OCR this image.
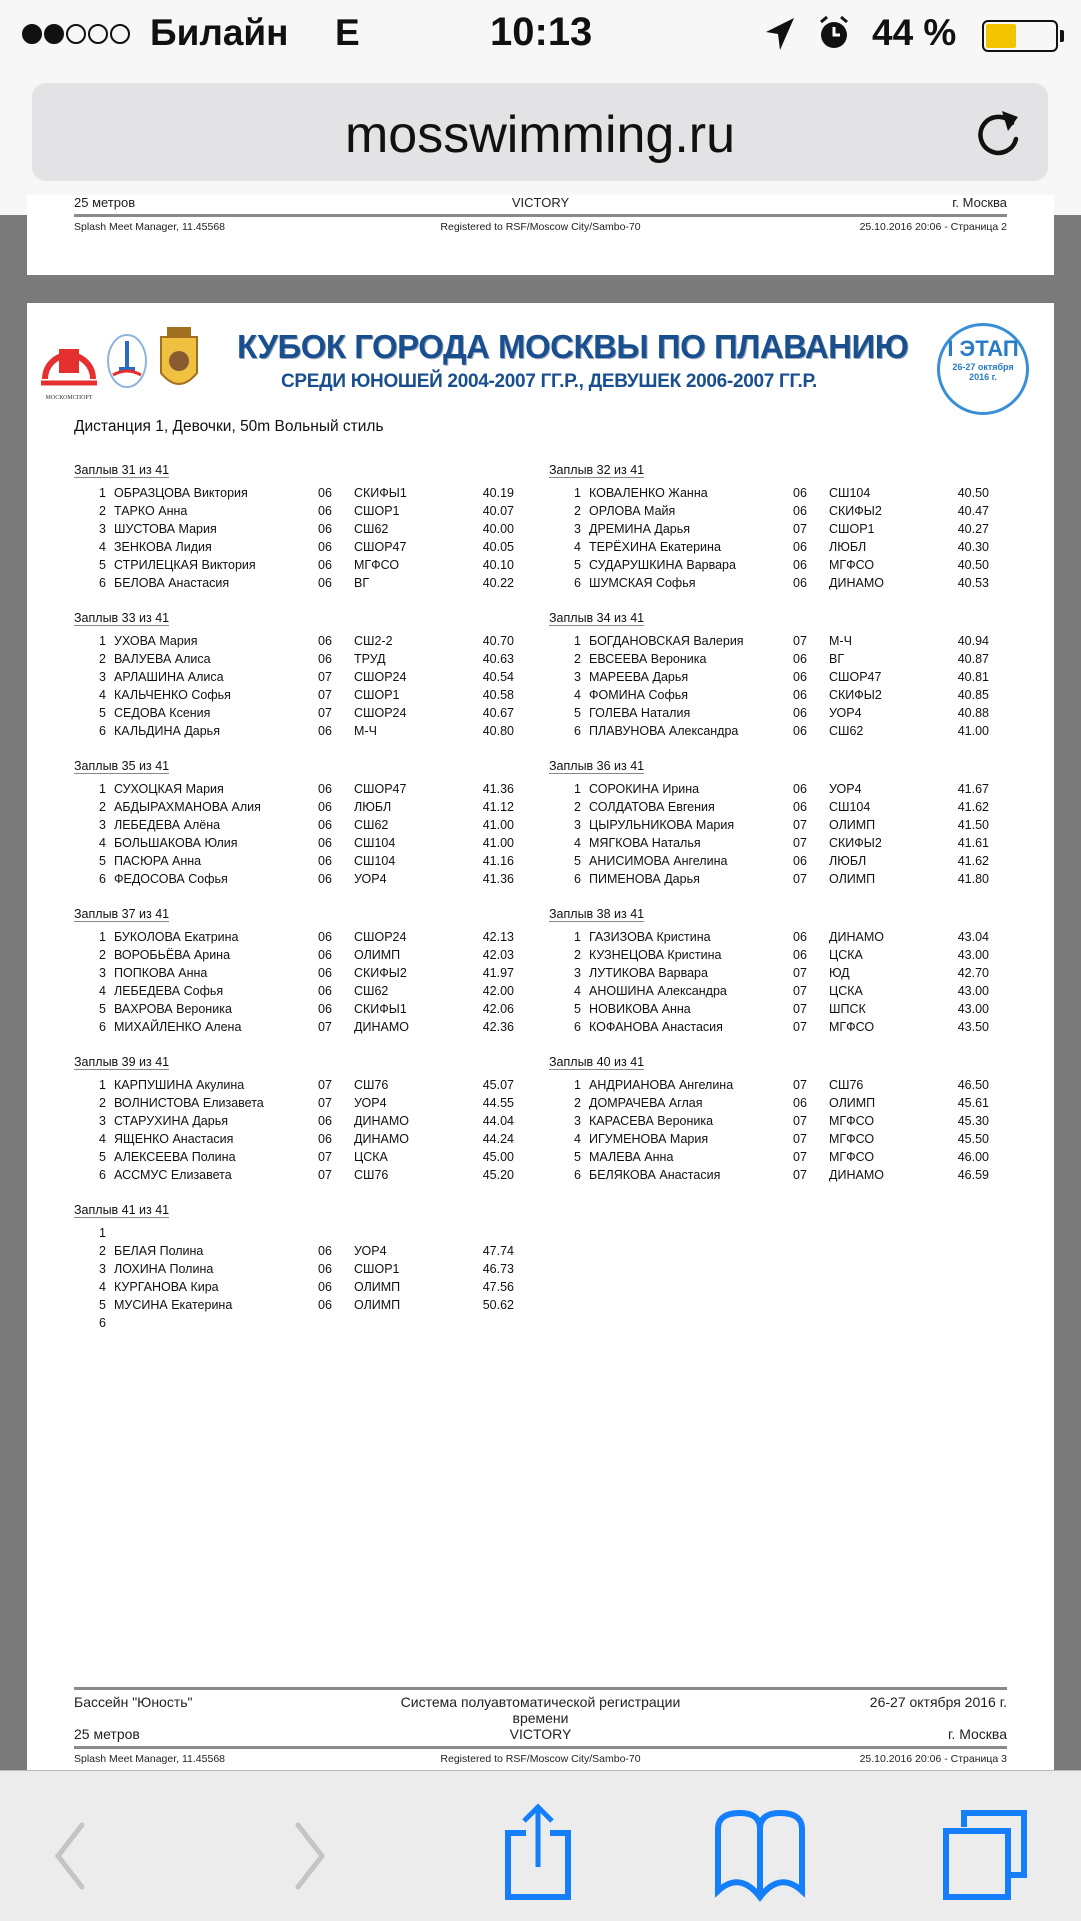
Билайн E	10:13	44 %
mosswimming.ru
25 метров	VICTORY	г. Москва
Splash Meet Manager, 11.45568	Registered to RSF/Moscow City/Sambo-70	25.10.2016 20:06 - Страница 2
МОСКОМСПОРТ
КУБОК ГОРОДА МОСКВЫ ПО ПЛАВАНИЮ
СРЕДИ ЮНОШЕЙ 2004-2007 ГГ.Р., ДЕВУШЕК 2006-2007 ГГ.Р.
I ЭТАП
26-27 октября
2016 г.
Дистанция 1, Девочки, 50m Вольный стиль
Заплыв 31 из 41
1 ОБРАЗЦОВА Виктория	06	СКИФЫ1	40.19
2 ТАРКО Анна	06	СШОР1	40.07
3 ШУСТОВА Мария	06	СШ62	40.00
4 ЗЕНКОВА Лидия	06	СШОР47	40.05
5 СТРИЛЕЦКАЯ Виктория	06	МГФСО	40.10
6 БЕЛОВА Анастасия	06	ВГ	40.22
Заплыв 32 из 41
1 КОВАЛЕНКО Жанна	06	СШ104	40.50
2 ОРЛОВА Майя	06	СКИФЫ2	40.47
3 ДРЕМИНА Дарья	07	СШОР1	40.27
4 ТЕРЁХИНА Екатерина	06	ЛЮБЛ	40.30
5 СУДАРУШКИНА Варвара	06	МГФСО	40.50
6 ШУМСКАЯ Софья	06	ДИНАМО	40.53
Заплыв 33 из 41
1 УХОВА Мария	06	СШ2-2	40.70
2 ВАЛУЕВА Алиса	06	ТРУД	40.63
3 АРЛАШИНА Алиса	07	СШОР24	40.54
4 КАЛЬЧЕНКО Софья	07	СШОР1	40.58
5 СЕДОВА Ксения	07	СШОР24	40.67
6 КАЛЬДИНА Дарья	06	М-Ч	40.80
Заплыв 34 из 41
1 БОГДАНОВСКАЯ Валерия	07	М-Ч	40.94
2 ЕВСЕЕВА Вероника	06	ВГ	40.87
3 МАРЕЕВА Дарья	06	СШОР47	40.81
4 ФОМИНА Софья	06	СКИФЫ2	40.85
5 ГОЛЕВА Наталия	06	УОР4	40.88
6 ПЛАВУНОВА Александра	06	СШ62	41.00
Заплыв 35 из 41
1 СУХОЦКАЯ Мария	06	СШОР47	41.36
2 АБДЫРАХМАНОВА Алия	06	ЛЮБЛ	41.12
3 ЛЕБЕДЕВА Алёна	06	СШ62	41.00
4 БОЛЬШАКОВА Юлия	06	СШ104	41.00
5 ПАСЮРА Анна	06	СШ104	41.16
6 ФЕДОСОВА Софья	06	УОР4	41.36
Заплыв 36 из 41
1 СОРОКИНА Ирина	06	УОР4	41.67
2 СОЛДАТОВА Евгения	06	СШ104	41.62
3 ЦЫРУЛЬНИКОВА Мария	07	ОЛИМП	41.50
4 МЯГКОВА Наталья	07	СКИФЫ2	41.61
5 АНИСИМОВА Ангелина	06	ЛЮБЛ	41.62
6 ПИМЕНОВА Дарья	07	ОЛИМП	41.80
Заплыв 37 из 41
1 БУКОЛОВА Екатрина	06	СШОР24	42.13
2 ВОРОБЬЁВА Арина	06	ОЛИМП	42.03
3 ПОПКОВА Анна	06	СКИФЫ2	41.97
4 ЛЕБЕДЕВА Софья	06	СШ62	42.00
5 ВАХРОВА Вероника	06	СКИФЫ1	42.06
6 МИХАЙЛЕНКО Алена	07	ДИНАМО	42.36
Заплыв 38 из 41
1 ГАЗИЗОВА Кристина	06	ДИНАМО	43.04
2 КУЗНЕЦОВА Кристина	06	ЦСКА	43.00
3 ЛУТИКОВА Варвара	07	ЮД	42.70
4 АНОШИНА Александра	07	ЦСКА	43.00
5 НОВИКОВА Анна	07	ШПСК	43.00
6 КОФАНОВА Анастасия	07	МГФСО	43.50
Заплыв 39 из 41
1 КАРПУШИНА Акулина	07	СШ76	45.07
2 ВОЛНИСТОВА Елизавета	07	УОР4	44.55
3 СТАРУХИНА Дарья	06	ДИНАМО	44.04
4 ЯЩЕНКО Анастасия	06	ДИНАМО	44.24
5 АЛЕКСЕЕВА Полина	07	ЦСКА	45.00
6 АССМУС Елизавета	07	СШ76	45.20
Заплыв 40 из 41
1 АНДРИАНОВА Ангелина	07	СШ76	46.50
2 ДОМРАЧЕВА Аглая	06	ОЛИМП	45.61
3 КАРАСЕВА Вероника	07	МГФСО	45.30
4 ИГУМЕНОВА Мария	07	МГФСО	45.50
5 МАЛЕВА Анна	07	МГФСО	46.00
6 БЕЛЯКОВА Анастасия	07	ДИНАМО	46.59
Заплыв 41 из 41
1
2 БЕЛАЯ Полина	06	УОР4	47.74
3 ЛОХИНА Полина	06	СШОР1	46.73
4 КУРГАНОВА Кира	06	ОЛИМП	47.56
5 МУСИНА Екатерина	06	ОЛИМП	50.62
6
Бассейн "Юность"	Система полуавтоматической регистрации времени
26-27 октября 2016 г.
25 метров	VICTORY	г. Москва
Splash Meet Manager, 11.45568	Registered to RSF/Moscow City/Sambo-70	25.10.2016 20:06 - Страница 3
